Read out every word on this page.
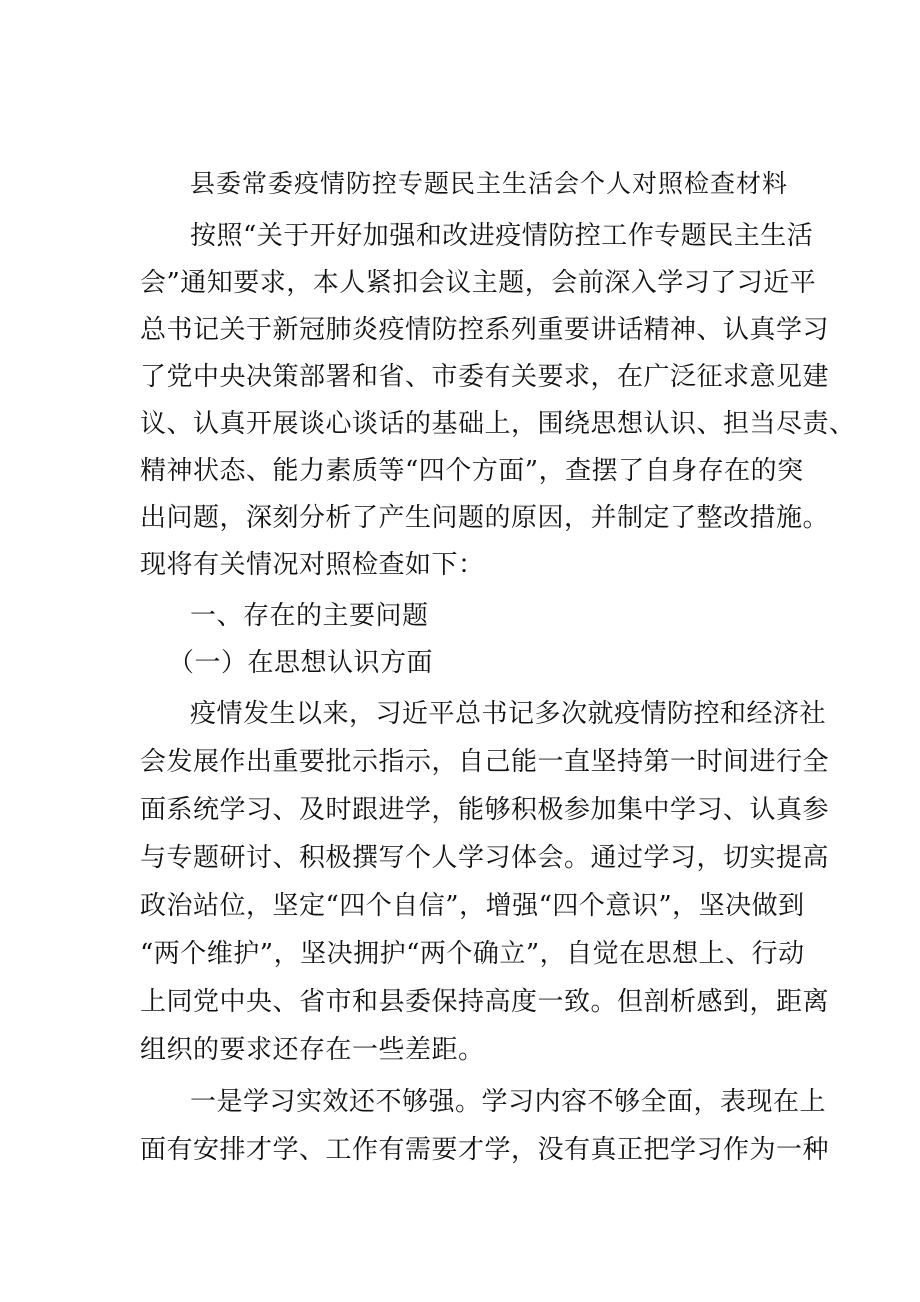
县委常委疫情防控专题民主生活会个人对照检查材料
按照“关于开好加强和改进疫情防控工作专题民主生活
会”通知要求，本人紧扣会议主题，会前深入学习了习近平
总书记关于新冠肺炎疫情防控系列重要讲话精神、认真学习
了党中央决策部署和省、市委有关要求，在广泛征求意见建
议、认真开展谈心谈话的基础上，围绕思想认识、担当尽责、
精神状态、能力素质等“四个方面”，查摆了自身存在的突
出问题，深刻分析了产生问题的原因，并制定了整改措施。
现将有关情况对照检查如下：
一、存在的主要问题
（一）在思想认识方面
疫情发生以来，习近平总书记多次就疫情防控和经济社
会发展作出重要批示指示，自己能一直坚持第一时间进行全
面系统学习、及时跟进学，能够积极参加集中学习、认真参
与专题研讨、积极撰写个人学习体会。通过学习，切实提高
政治站位，坚定“四个自信”，增强“四个意识”，坚决做到
“两个维护”，坚决拥护“两个确立”，自觉在思想上、行动
上同党中央、省市和县委保持高度一致。但剖析感到，距离
组织的要求还存在一些差距。
一是学习实效还不够强。学习内容不够全面，表现在上
面有安排才学、工作有需要才学，没有真正把学习作为一种
